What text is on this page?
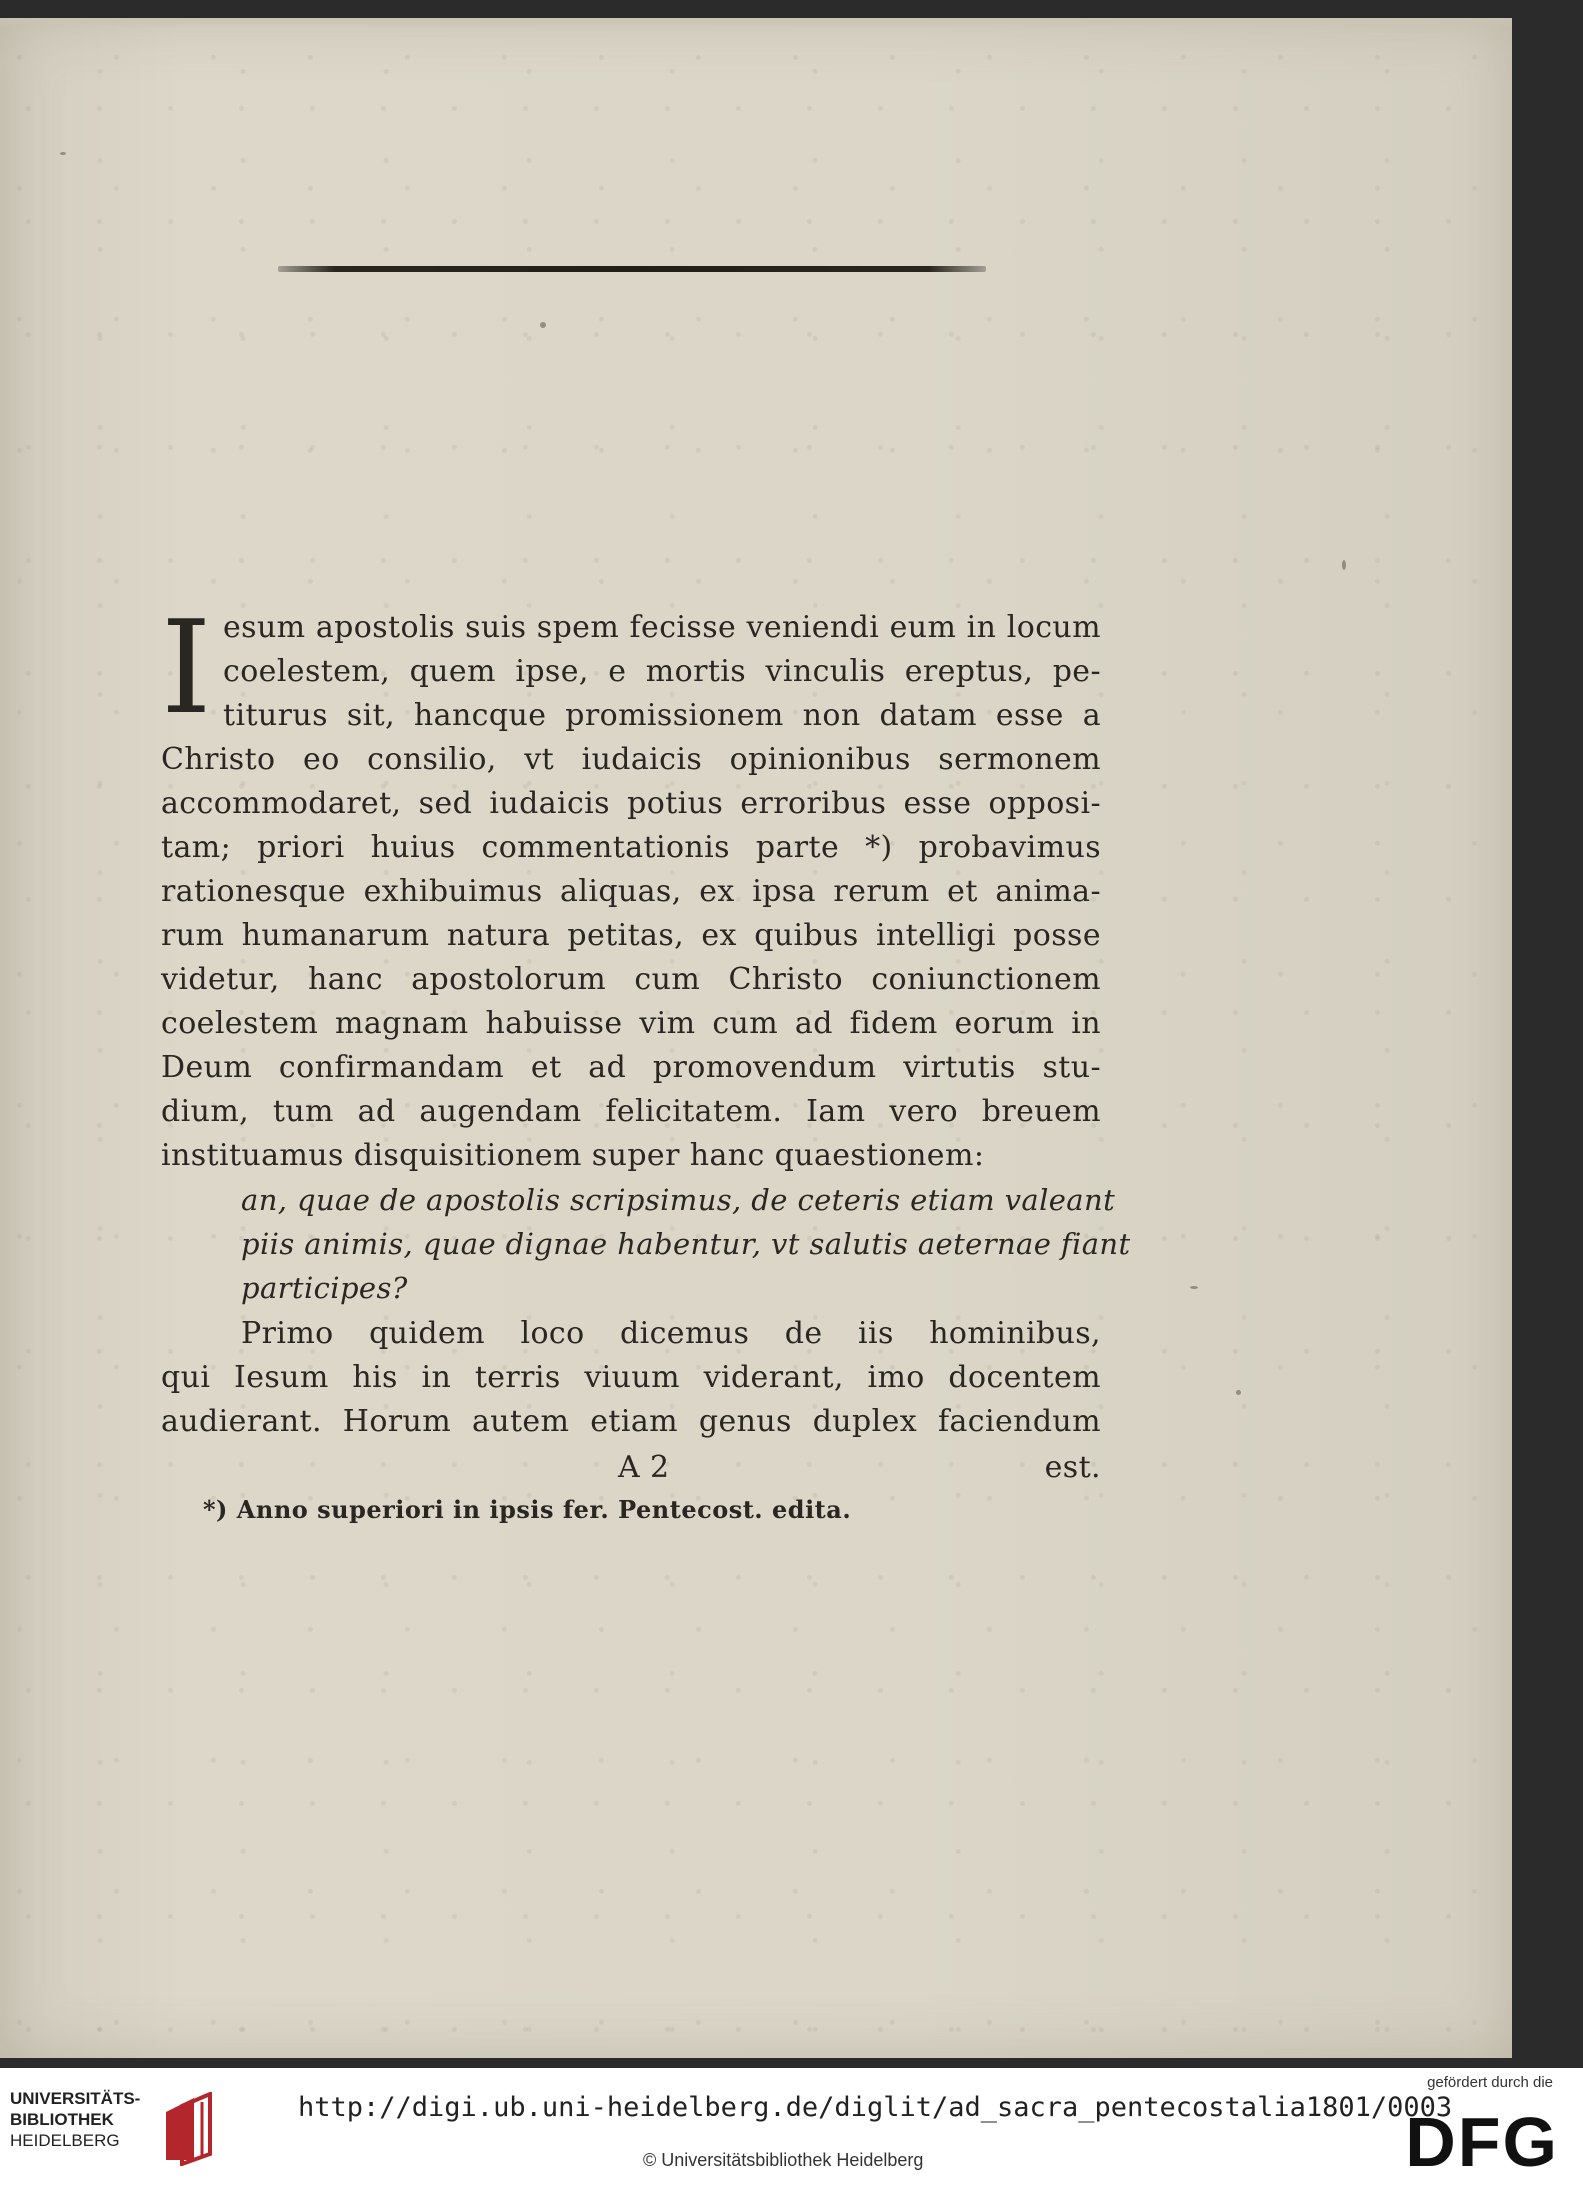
I esum apostolis suis spem fecisse veniendi eum in locum
coelestem, quem ipse, e mortis vinculis ereptus, pe-
titurus sit, hancque promissionem non datam esse a
Christo eo consilio, vt iudaicis opinionibus sermonem
accommodaret, sed iudaicis potius erroribus esse opposi-
tam; priori huius commentationis parte *) probavimus
rationesque exhibuimus aliquas, ex ipsa rerum et anima-
rum humanarum natura petitas, ex quibus intelligi posse
videtur, hanc apostolorum cum Christo coniunctionem
coelestem magnam habuisse vim cum ad fidem eorum in
Deum confirmandam et ad promovendum virtutis stu-
dium, tum ad augendam felicitatem. Iam vero breuem
instituamus disquisitionem super hanc quaestionem:
an, quae de apostolis scripsimus, de ceteris etiam valeant
piis animis, quae dignae habentur, vt salutis aeternae fiant
participes?
Primo quidem loco dicemus de iis hominibus,
qui Iesum his in terris viuum viderant, imo docentem
audierant. Horum autem etiam genus duplex faciendum
A 2	est.
*) Anno superiori in ipsis fer. Pentecost. edita.
UNIVERSITÄTS-
BIBLIOTHEK
HEIDELBERG
http://digi.ub.uni-heidelberg.de/diglit/ad_sacra_pentecostalia1801/0003
© Universitätsbibliothek Heidelberg
gefördert durch die
DFG
